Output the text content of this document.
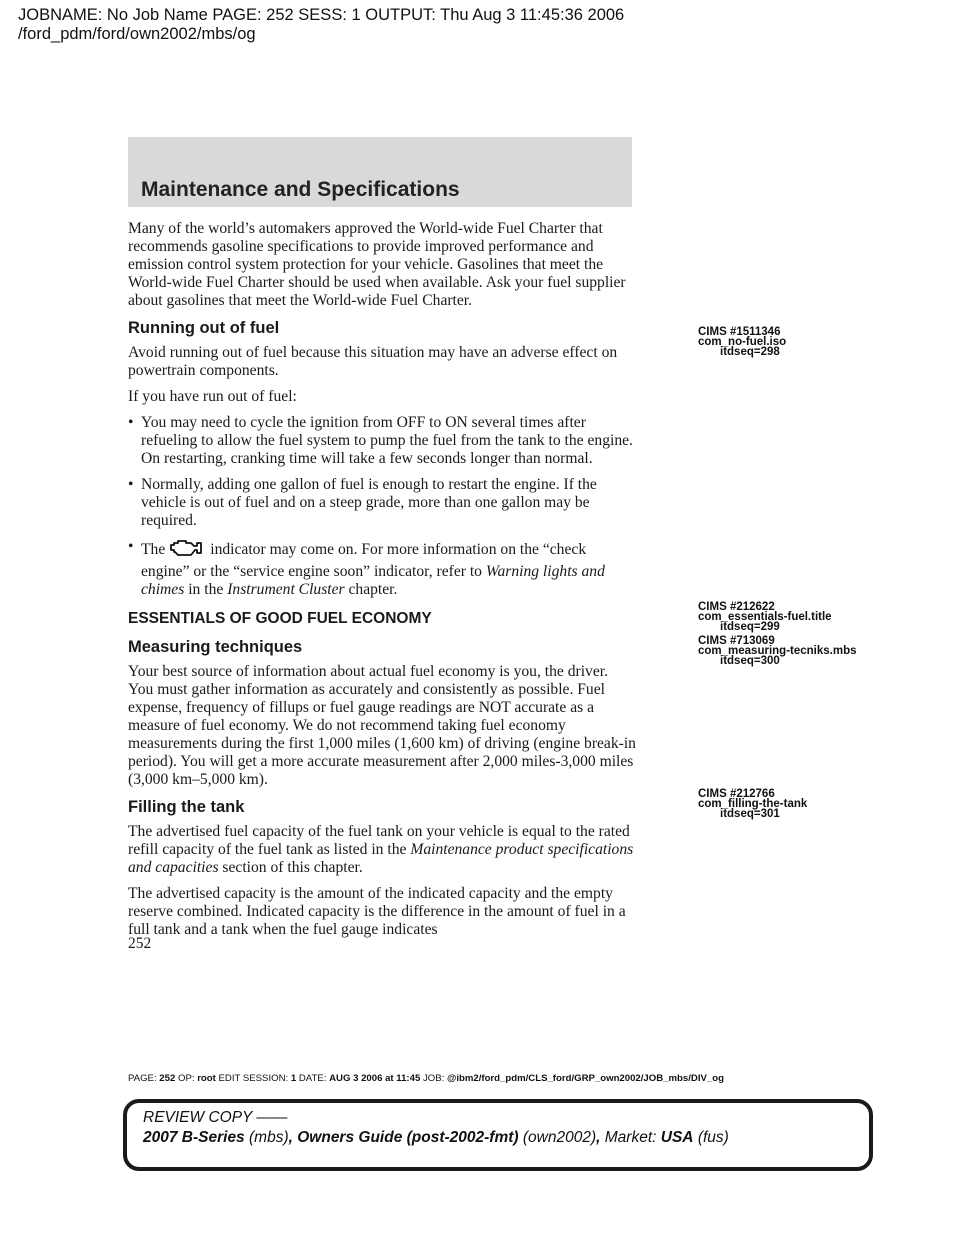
JOBNAME: No Job Name PAGE: 252 SESS: 1 OUTPUT: Thu Aug 3 11:45:36 2006
/ford_pdm/ford/own2002/mbs/og
Maintenance and Specifications

Many of the world’s automakers approved the World-wide Fuel Charter that recommends gasoline specifications to provide improved performance and emission control system protection for your vehicle. Gasolines that meet the World-wide Fuel Charter should be used when available. Ask your fuel supplier about gasolines that meet the World-wide Fuel Charter.

Running out of fuel

Avoid running out of fuel because this situation may have an adverse effect on powertrain components.

If you have run out of fuel:

• You may need to cycle the ignition from OFF to ON several times after refueling to allow the fuel system to pump the fuel from the tank to the engine. On restarting, cranking time will take a few seconds longer than normal.
• Normally, adding one gallon of fuel is enough to restart the engine. If the vehicle is out of fuel and on a steep grade, more than one gallon may be required.
• The	indicator may come on. For more information on the “check engine” or the “service engine soon” indicator, refer to Warning lights and chimes in the Instrument Cluster chapter.
ESSENTIALS OF GOOD FUEL ECONOMY
Measuring techniques

Your best source of information about actual fuel economy is you, the driver. You must gather information as accurately and consistently as possible. Fuel expense, frequency of fillups or fuel gauge readings are NOT accurate as a measure of fuel economy. We do not recommend taking fuel economy measurements during the first 1,000 miles (1,600 km) of driving (engine break-in period). You will get a more accurate measurement after 2,000 miles-3,000 miles (3,000 km–5,000 km).

Filling the tank

The advertised fuel capacity of the fuel tank on your vehicle is equal to the rated refill capacity of the fuel tank as listed in the Maintenance product specifications and capacities section of this chapter.

The advertised capacity is the amount of the indicated capacity and the empty reserve combined. Indicated capacity is the difference in the amount of fuel in a full tank and a tank when the fuel gauge indicates

CIMS #1511346
com_no-fuel.iso
itdseq=298
CIMS #212622
com_essentials-fuel.title
itdseq=299
CIMS #713069
com_measuring-tecniks.mbs
itdseq=300
CIMS #212766
com_filling-the-tank
itdseq=301
252
PAGE: 252 OP: root EDIT SESSION: 1 DATE: AUG 3 2006 at 11:45 JOB: @ibm2/ford_pdm/CLS_ford/GRP_own2002/JOB_mbs/DIV_og
REVIEW COPY ——
2007 B-Series (mbs), Owners Guide (post-2002-fmt) (own2002), Market: USA (fus)
